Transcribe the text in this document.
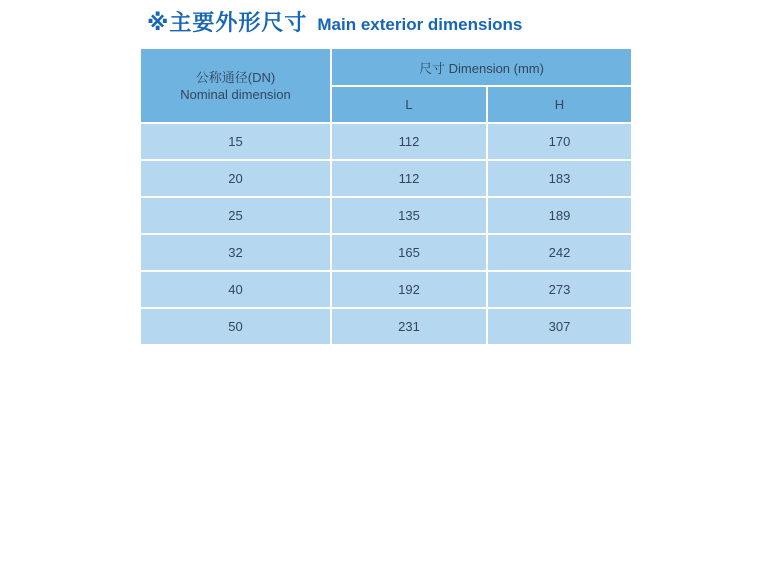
※主要外形尺寸 Main exterior dimensions
公称通径(DN)
Nominal dimension	尺寸 Dimension (mm)	
	L	H
15	112	170
20	112	183
25	135	189
32	165	242
40	192	273
50	231	307
